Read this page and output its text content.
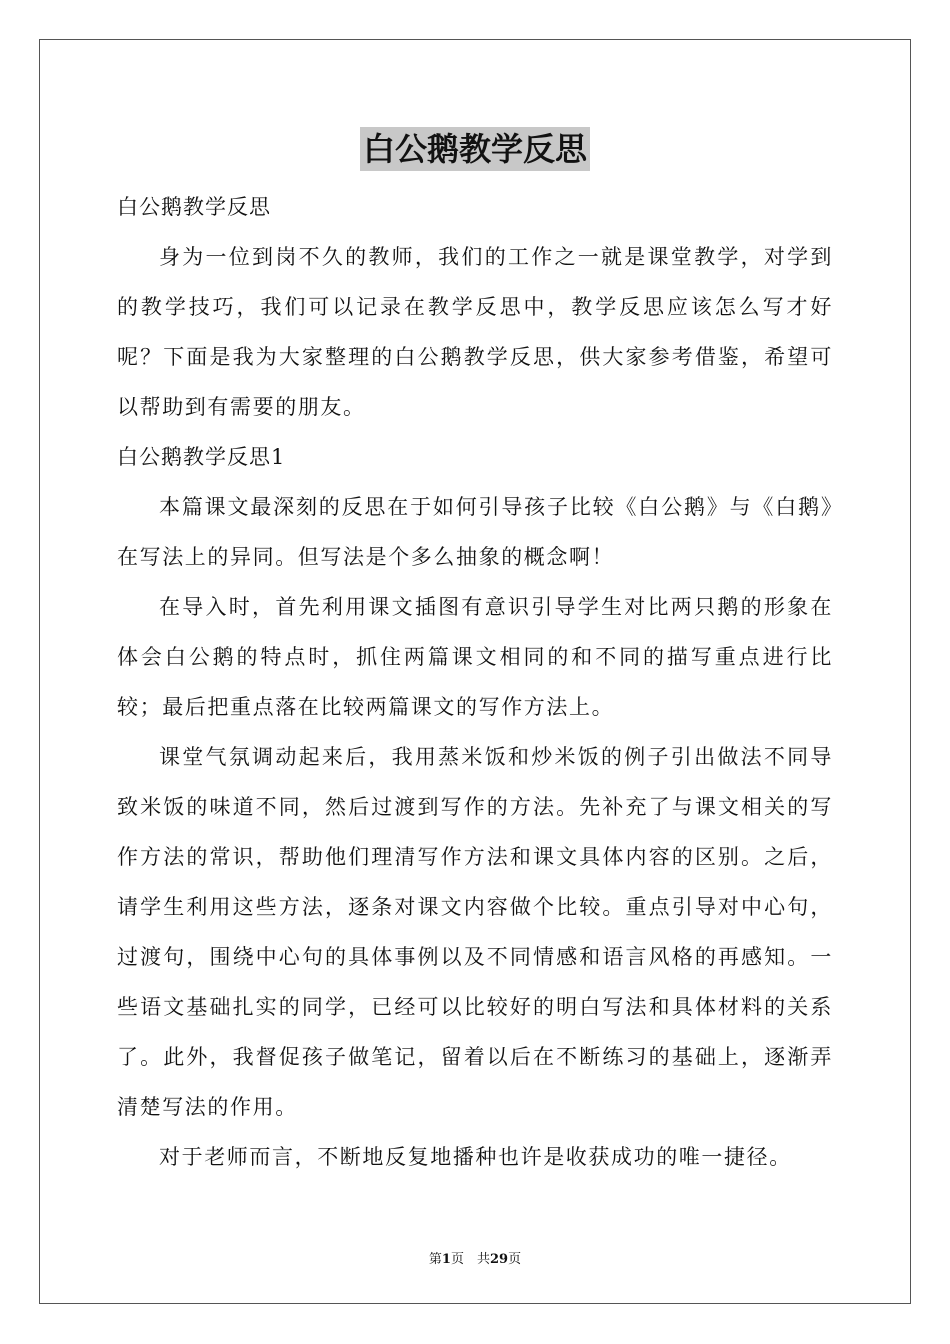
白公鹅教学反思

白公鹅教学反思

身为一位到岗不久的教师，我们的工作之一就是课堂教学，对学到的教学技巧，我们可以记录在教学反思中，教学反思应该怎么写才好呢？下面是我为大家整理的白公鹅教学反思，供大家参考借鉴，希望可以帮助到有需要的朋友。

白公鹅教学反思1

本篇课文最深刻的反思在于如何引导孩子比较《白公鹅》与《白鹅》在写法上的异同。但写法是个多么抽象的概念啊！

在导入时，首先利用课文插图有意识引导学生对比两只鹅的形象在体会白公鹅的特点时，抓住两篇课文相同的和不同的描写重点进行比较；最后把重点落在比较两篇课文的写作方法上。

课堂气氛调动起来后，我用蒸米饭和炒米饭的例子引出做法不同导致米饭的味道不同，然后过渡到写作的方法。先补充了与课文相关的写作方法的常识，帮助他们理清写作方法和课文具体内容的区别。之后，请学生利用这些方法，逐条对课文内容做个比较。重点引导对中心句，过渡句，围绕中心句的具体事例以及不同情感和语言风格的再感知。一些语文基础扎实的同学，已经可以比较好的明白写法和具体材料的关系了。此外，我督促孩子做笔记，留着以后在不断练习的基础上，逐渐弄清楚写法的作用。

对于老师而言，不断地反复地播种也许是收获成功的唯一捷径。

第1页　共29页
